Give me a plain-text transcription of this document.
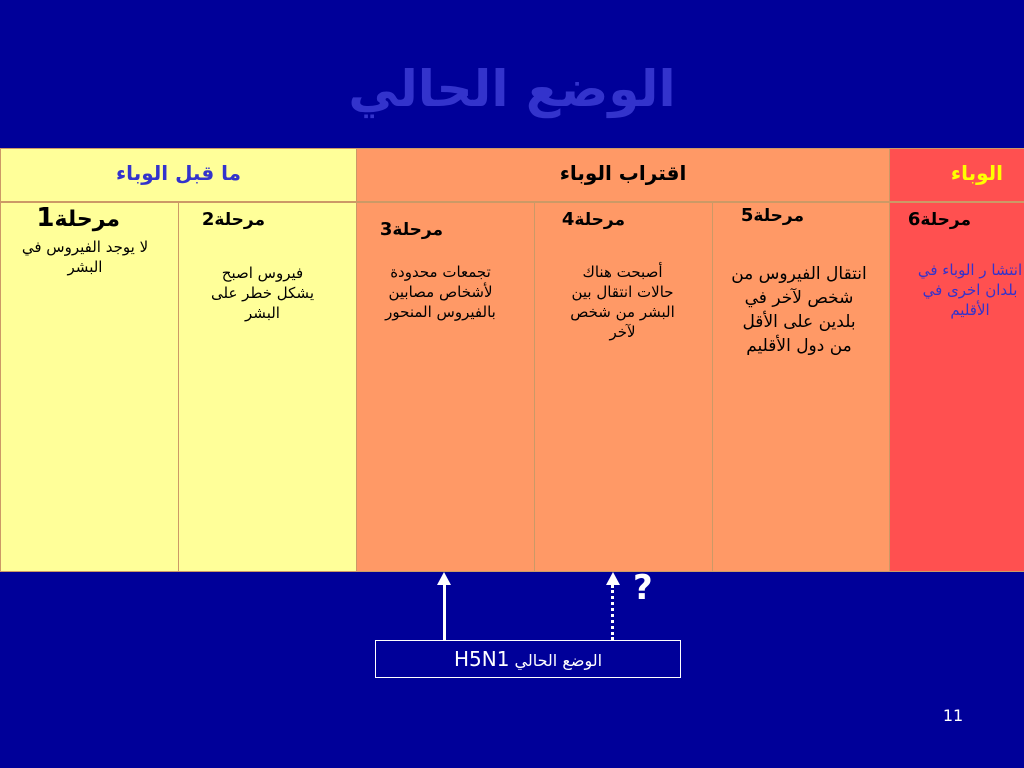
الوضع الحالي
ما قبل الوباء	اقتراب الوباء	الوباء
مرحلة1
لا يوجد الفيروس في البشر
مرحلة2
فيروس اصبح يشكل خطر على البشر
مرحلة3
تجمعات محدودة لأشخاص مصابين بالفيروس المنحور
مرحلة4
أصبحت هناك حالات انتقال بين البشر من شخص لآخر
مرحلة5
انتقال الفيروس من شخص لآخر في بلدين على الأقل من دول الأقليم
مرحلة6
انتشا ر الوباء في بلدان اخرى في الأقليم
?
H5N1 الوضع الحالي
11
